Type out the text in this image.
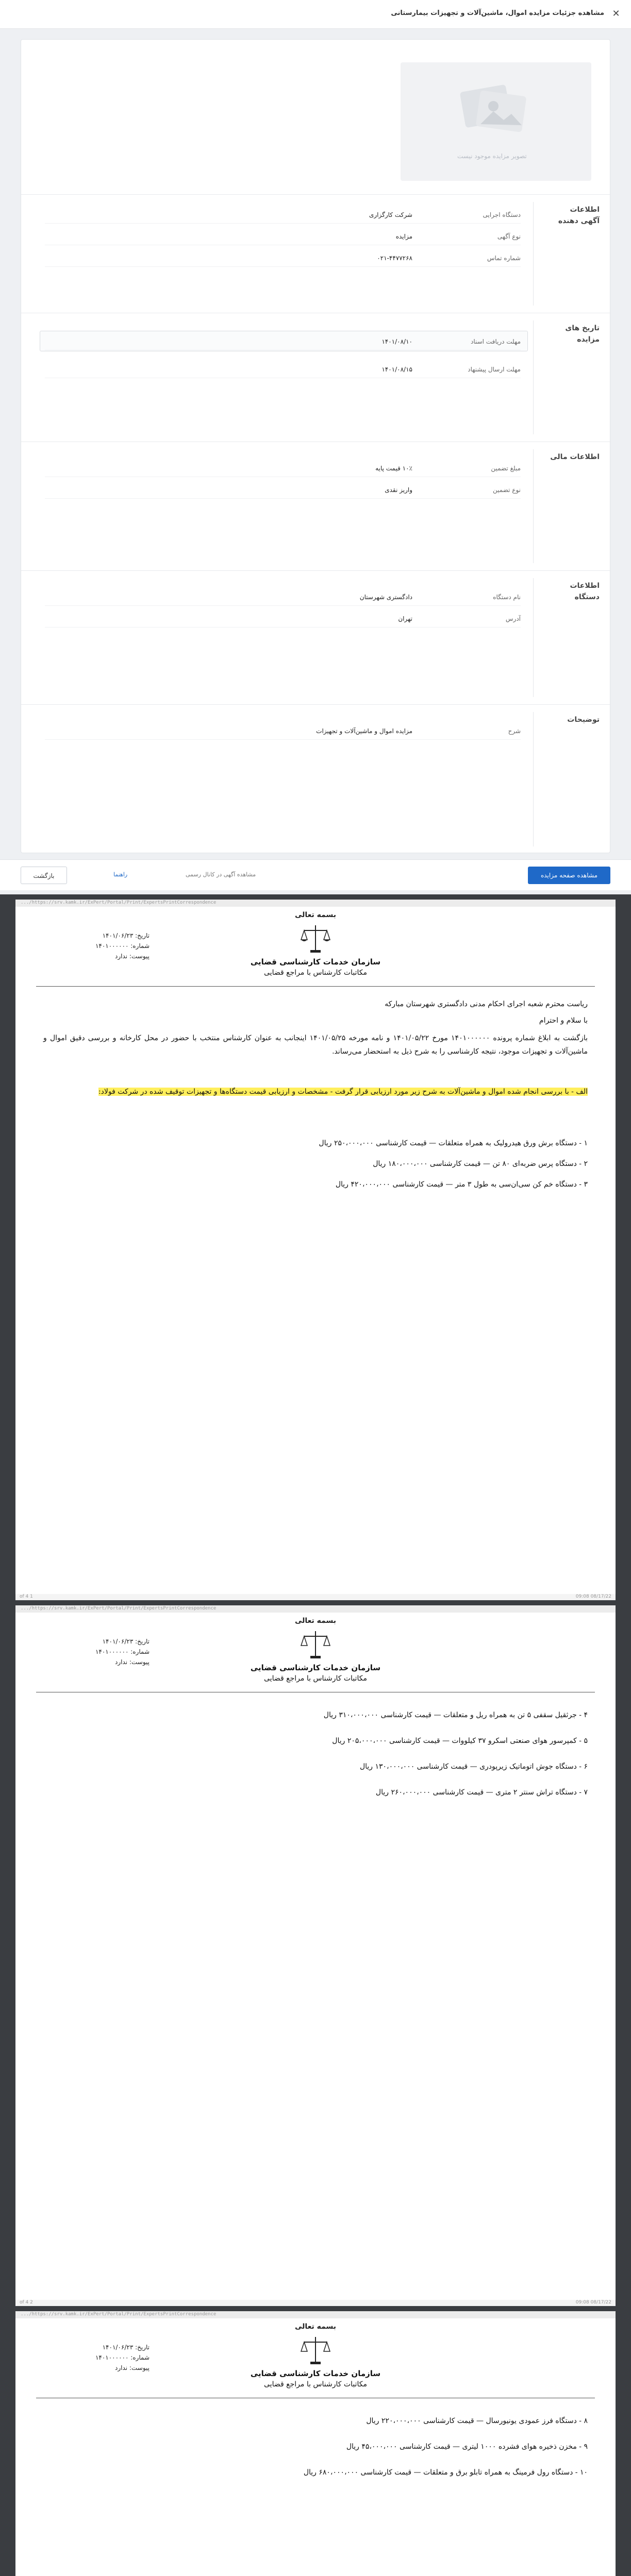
✕
مشاهده جزئیات مزایده اموال، ماشین‌آلات و تجهیزات بیمارستانی
تصویر مزایده موجود نیست
اطلاعات آگهی دهنده
دستگاه اجرایی
شرکت کارگزاری
نوع آگهی
مزایده
شماره تماس
۰۲۱-۴۴۷۷۲۶۸
تاریخ های مزایده
مهلت دریافت اسناد
۱۴۰۱/۰۸/۱۰
مهلت ارسال پیشنهاد
۱۴۰۱/۰۸/۱۵
اطلاعات مالی
مبلغ تضمین
۱۰٪ قیمت پایه
نوع تضمین
واریز نقدی
اطلاعات دستگاه
نام دستگاه
دادگستری شهرستان
آدرس
تهران
توضیحات
شرح
مزایده اموال و ماشین‌آلات و تجهیزات
مشاهده صفحه مزایده
بازگشت	مشاهده آگهی در کانال رسمی
راهنما
https://srv.kamk.ir/ExPert/Portal/Print/ExpertsPrintCorrespondence/...
بسمه تعالی
سازمان خدمات کارشناسی قضایی
مکاتبات کارشناس با مراجع قضایی
تاریخ: ۱۴۰۱/۰۶/۲۳
شماره: ۱۴۰۱۰۰۰۰۰۰
پیوست: ندارد
ریاست محترم شعبه اجرای احکام مدنی دادگستری شهرستان مبارکه
با سلام و احترام
بازگشت به ابلاغ شماره پرونده ۱۴۰۱۰۰۰۰۰۰ مورخ ۱۴۰۱/۰۵/۲۲ و نامه مورخه ۱۴۰۱/۰۵/۲۵ اینجانب به عنوان کارشناس منتخب با حضور در محل کارخانه و بررسی دقیق اموال و ماشین‌آلات و تجهیزات موجود، نتیجه کارشناسی را به شرح ذیل به استحضار می‌رساند.
الف - با بررسی انجام شده اموال و ماشین‌آلات به شرح زیر مورد ارزیابی قرار گرفت - مشخصات و ارزیابی قیمت دستگاه‌ها و تجهیزات توقیف شده در شرکت فولاد:
۱ - دستگاه برش ورق هیدرولیک به همراه متعلقات — قیمت کارشناسی ۲۵۰،۰۰۰،۰۰۰ ریال
۲ - دستگاه پرس ضربه‌ای ۸۰ تن — قیمت کارشناسی ۱۸۰،۰۰۰،۰۰۰ ریال
۳ - دستگاه خم کن سی‌ان‌سی به طول ۳ متر — قیمت کارشناسی ۴۲۰،۰۰۰،۰۰۰ ریال
1 of 4	08/17/22 09:08
https://srv.kamk.ir/ExPert/Portal/Print/ExpertsPrintCorrespondence/...
بسمه تعالی
سازمان خدمات کارشناسی قضایی
مکاتبات کارشناس با مراجع قضایی
تاریخ: ۱۴۰۱/۰۶/۲۳
شماره: ۱۴۰۱۰۰۰۰۰۰
پیوست: ندارد
۴ - جرثقیل سقفی ۵ تن به همراه ریل و متعلقات — قیمت کارشناسی ۳۱۰،۰۰۰،۰۰۰ ریال
۵ - کمپرسور هوای صنعتی اسکرو ۳۷ کیلووات — قیمت کارشناسی ۲۰۵،۰۰۰،۰۰۰ ریال
۶ - دستگاه جوش اتوماتیک زیرپودری — قیمت کارشناسی ۱۳۰،۰۰۰،۰۰۰ ریال
۷ - دستگاه تراش سنتر ۲ متری — قیمت کارشناسی ۲۶۰،۰۰۰،۰۰۰ ریال
2 of 4	08/17/22 09:08
https://srv.kamk.ir/ExPert/Portal/Print/ExpertsPrintCorrespondence/...
بسمه تعالی
سازمان خدمات کارشناسی قضایی
مکاتبات کارشناس با مراجع قضایی
تاریخ: ۱۴۰۱/۰۶/۲۳
شماره: ۱۴۰۱۰۰۰۰۰۰
پیوست: ندارد
۸ - دستگاه فرز عمودی یونیورسال — قیمت کارشناسی ۲۲۰،۰۰۰،۰۰۰ ریال
۹ - مخزن ذخیره هوای فشرده ۱۰۰۰ لیتری — قیمت کارشناسی ۴۵،۰۰۰،۰۰۰ ریال
۱۰ - دستگاه رول فرمینگ به همراه تابلو برق و متعلقات — قیمت کارشناسی ۶۸۰،۰۰۰،۰۰۰ ریال
